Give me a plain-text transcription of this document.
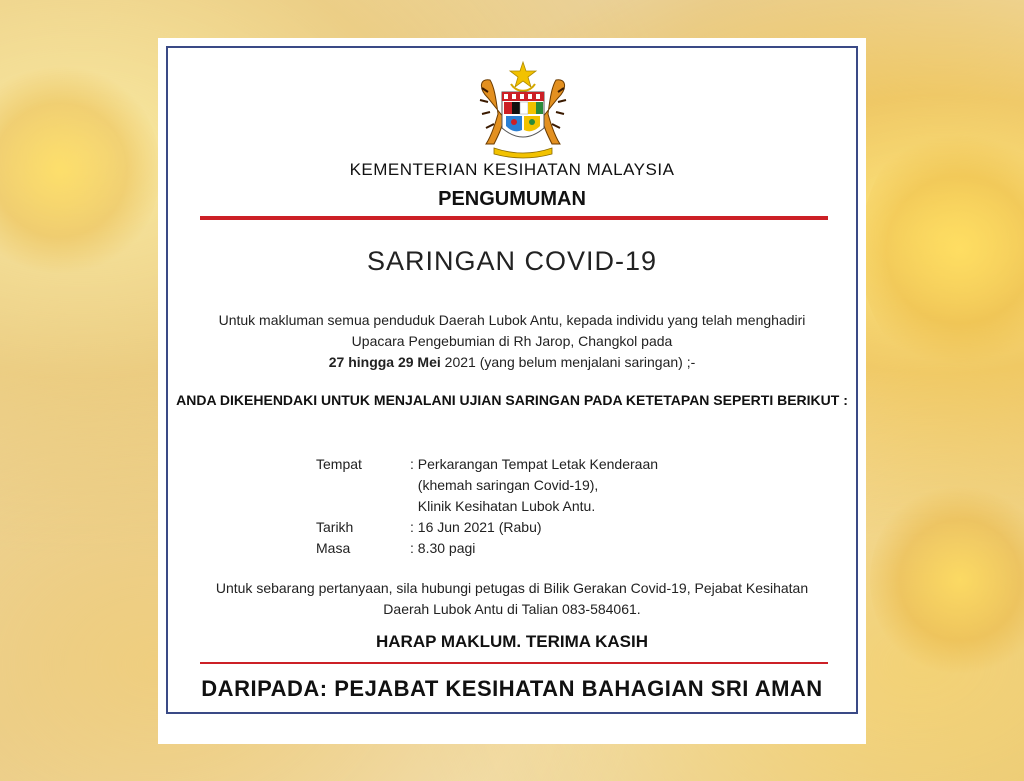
KEMENTERIAN KESIHATAN MALAYSIA
PENGUMUMAN
SARINGAN COVID-19
Untuk makluman semua penduduk Daerah Lubok Antu, kepada individu yang telah menghadiri
Upacara Pengebumian di Rh Jarop, Changkol pada
27 hingga 29 Mei 2021 (yang belum menjalani saringan) ;-
ANDA DIKEHENDAKI UNTUK MENJALANI UJIAN SARINGAN PADA KETETAPAN SEPERTI BERIKUT :
Tempat	: Perkarangan Tempat Letak Kenderaan
(khemah saringan Covid-19),
Klinik Kesihatan Lubok Antu.
Tarikh	: 16 Jun 2021 (Rabu)
Masa	: 8.30 pagi
Untuk sebarang pertanyaan, sila hubungi petugas di Bilik Gerakan Covid-19, Pejabat Kesihatan
Daerah Lubok Antu di Talian 083-584061.
HARAP MAKLUM. TERIMA KASIH
DARIPADA: PEJABAT KESIHATAN BAHAGIAN SRI AMAN
